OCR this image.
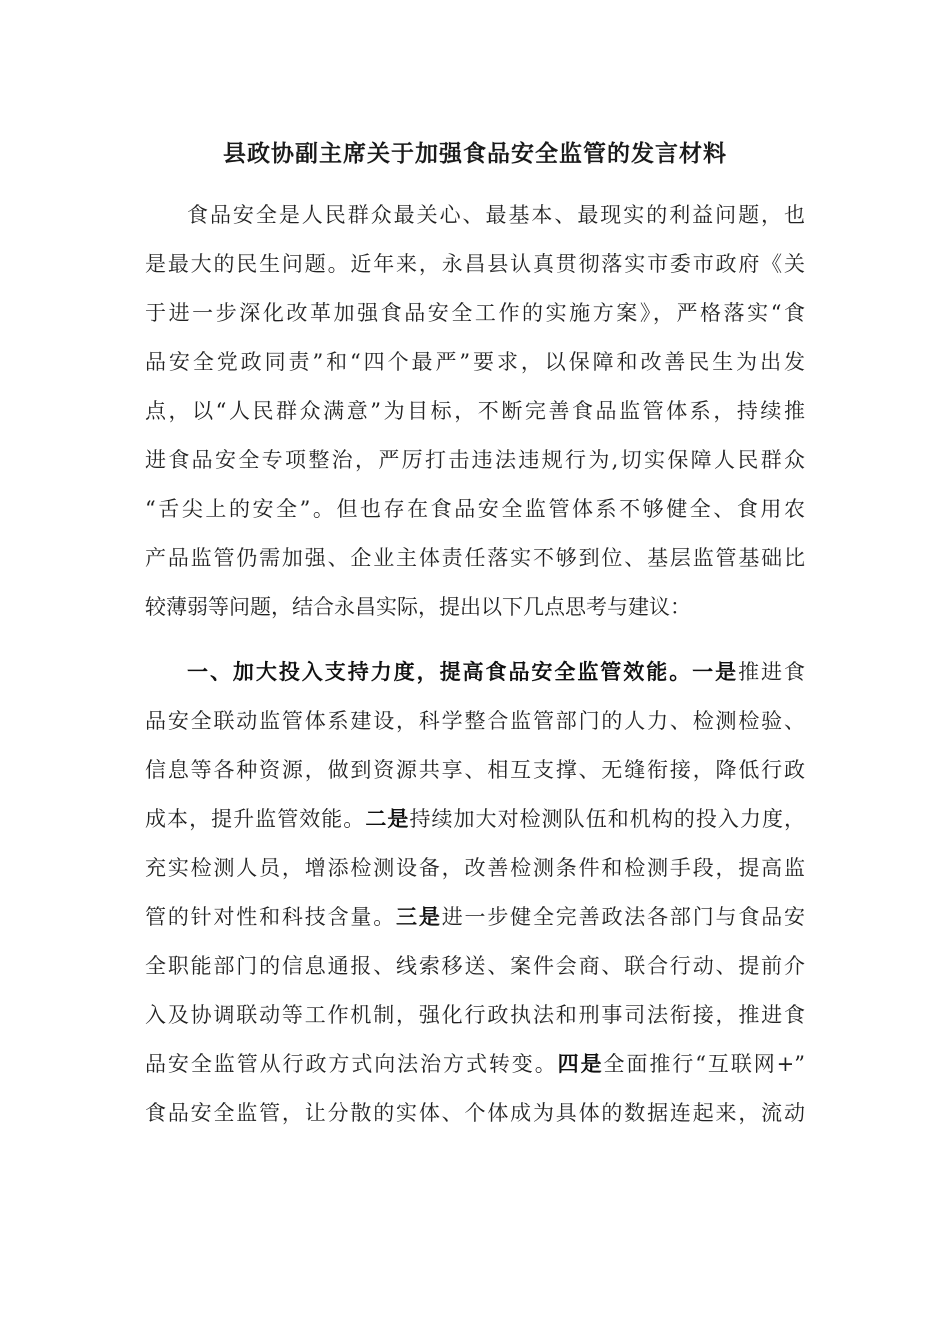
县政协副主席关于加强食品安全监管的发言材料
食品安全是人民群众最关心、最基本、最现实的利益问题，也
是最大的民生问题。近年来，永昌县认真贯彻落实市委市政府《关
于进一步深化改革加强食品安全工作的实施方案》，严格落实“食
品安全党政同责”和“四个最严”要求，以保障和改善民生为出发
点，以“人民群众满意”为目标，不断完善食品监管体系，持续推
进食品安全专项整治，严厉打击违法违规行为,切实保障人民群众
“舌尖上的安全”。但也存在食品安全监管体系不够健全、食用农
产品监管仍需加强、企业主体责任落实不够到位、基层监管基础比
较薄弱等问题，结合永昌实际，提出以下几点思考与建议：
一、加大投入支持力度，提高食品安全监管效能。一是推进食
品安全联动监管体系建设，科学整合监管部门的人力、检测检验、
信息等各种资源，做到资源共享、相互支撑、无缝衔接，降低行政
成本，提升监管效能。二是持续加大对检测队伍和机构的投入力度，
充实检测人员，增添检测设备，改善检测条件和检测手段，提高监
管的针对性和科技含量。三是进一步健全完善政法各部门与食品安
全职能部门的信息通报、线索移送、案件会商、联合行动、提前介
入及协调联动等工作机制，强化行政执法和刑事司法衔接，推进食
品安全监管从行政方式向法治方式转变。四是全面推行“互联网+”
食品安全监管，让分散的实体、个体成为具体的数据连起来，流动
